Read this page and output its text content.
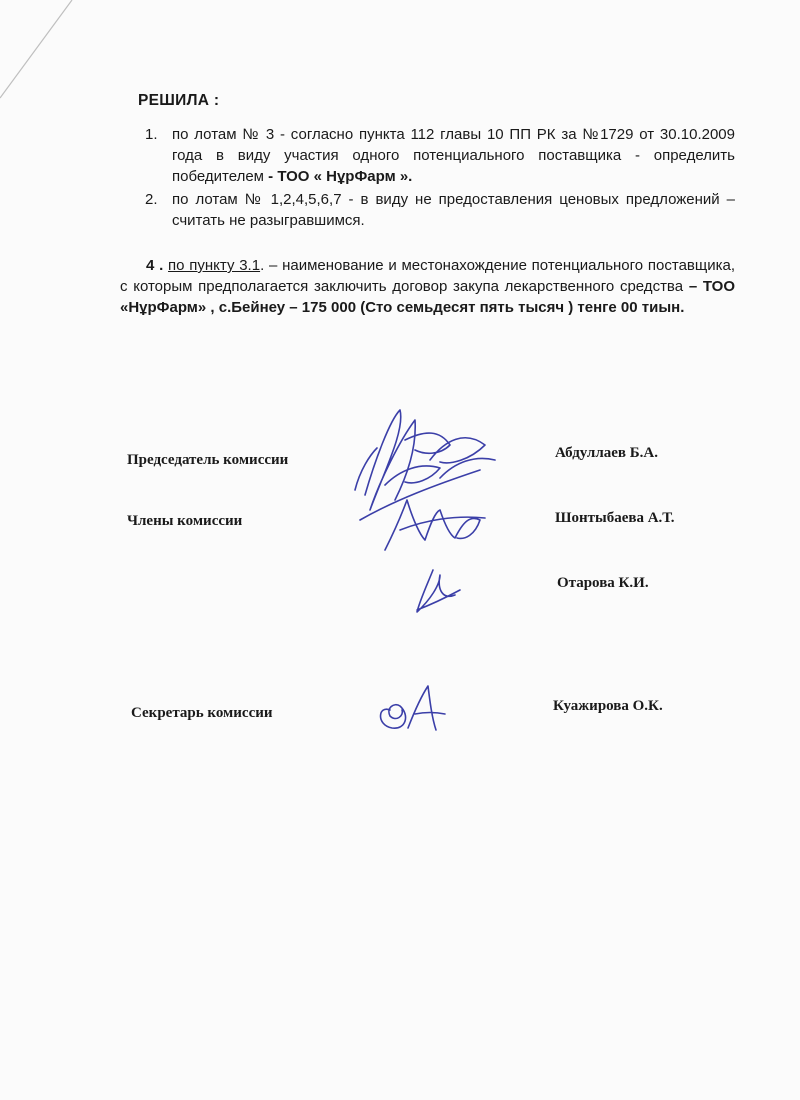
РЕШИЛА :
1. по лотам № 3 - согласно пункта 112 главы 10 ПП РК за №1729 от 30.10.2009 года в виду участия одного потенциального поставщика - определить победителем - ТОО « НұрФарм ».
2. по лотам № 1,2,4,5,6,7 - в виду не предоставления ценовых предложений – считать не разыгравшимся.
4 . по пункту 3.1. – наименование и местонахождение потенциального поставщика, с которым предполагается заключить договор закупа лекарственного средства – ТОО «НұрФарм» , с.Бейнеу – 175 000 (Сто семьдесят пять тысяч ) тенге 00 тиын.
Председатель комиссии	Абдуллаев Б.А.
Члены комиссии	Шонтыбаева А.Т.
Отарова К.И.
Секретарь комиссии	Куажирова О.К.
